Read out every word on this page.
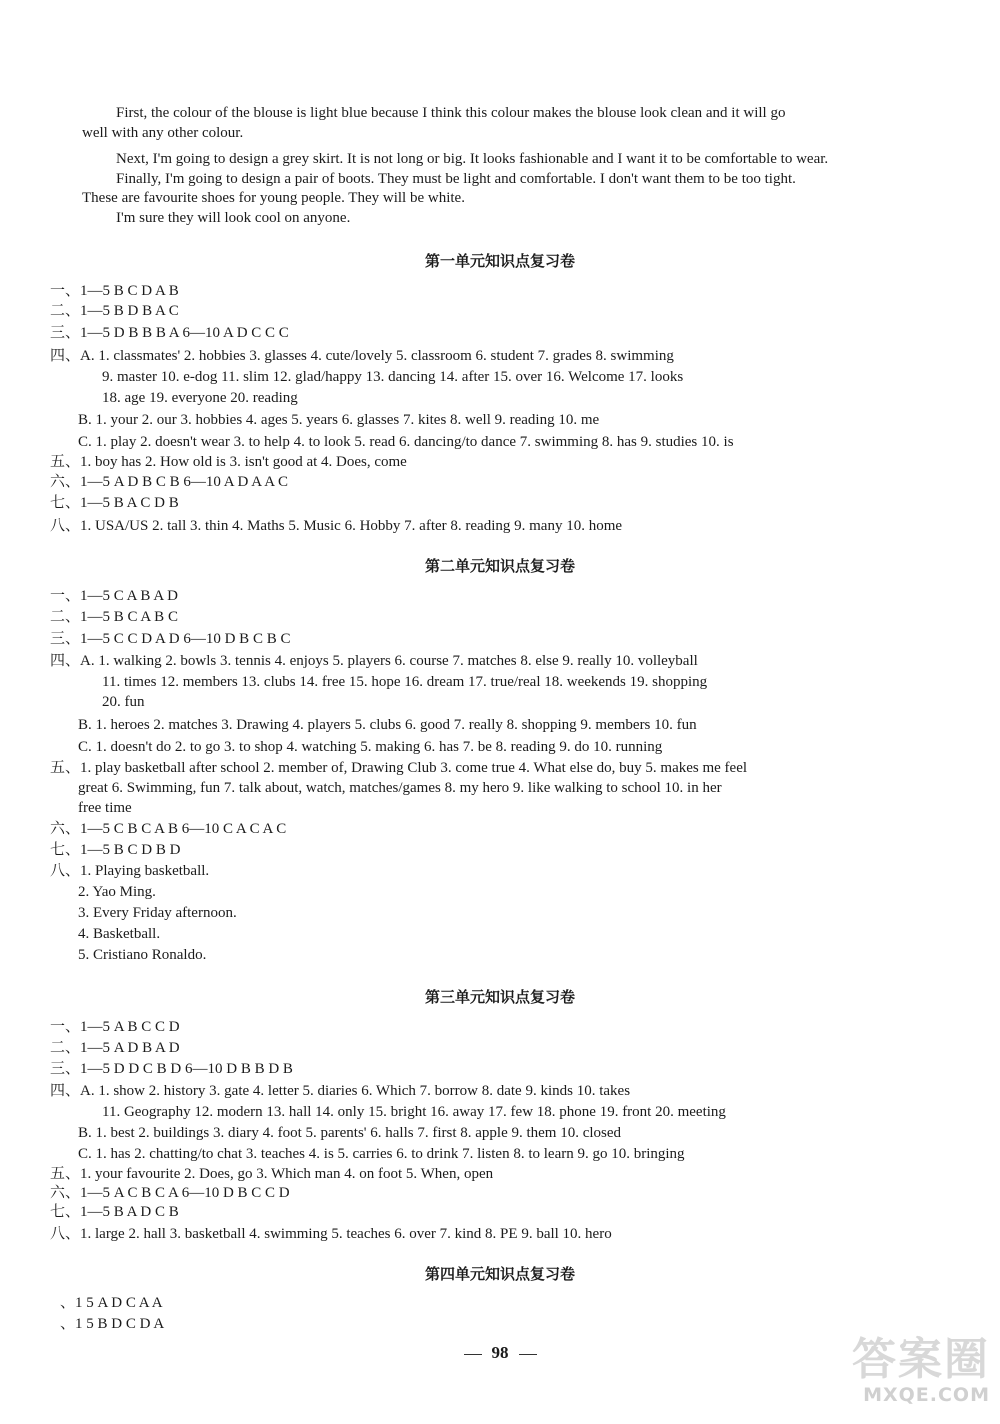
First, the colour of the blouse is light blue because I think this colour makes the blouse look clean and it will go
well with any other colour.
Next, I'm going to design a grey skirt. It is not long or big. It looks fashionable and I want it to be comfortable to wear.
Finally, I'm going to design a pair of boots. They must be light and comfortable. I don't want them to be too tight.
These are favourite shoes for young people. They will be white.
I'm sure they will look cool on anyone.
第一单元知识点复习卷
一、1—5 B C D A B
二、1—5 B D B A C
三、1—5 D B B B A 6—10 A D C C C
四、A. 1. classmates' 2. hobbies 3. glasses 4. cute/lovely 5. classroom 6. student 7. grades 8. swimming
9. master 10. e-dog 11. slim 12. glad/happy 13. dancing 14. after 15. over 16. Welcome 17. looks
18. age 19. everyone 20. reading
B. 1. your 2. our 3. hobbies 4. ages 5. years 6. glasses 7. kites 8. well 9. reading 10. me
C. 1. play 2. doesn't wear 3. to help 4. to look 5. read 6. dancing/to dance 7. swimming 8. has 9. studies 10. is
五、1. boy has 2. How old is 3. isn't good at 4. Does, come
六、1—5 A D B C B 6—10 A D A A C
七、1—5 B A C D B
八、1. USA/US 2. tall 3. thin 4. Maths 5. Music 6. Hobby 7. after 8. reading 9. many 10. home
第二单元知识点复习卷
一、1—5 C A B A D
二、1—5 B C A B C
三、1—5 C C D A D 6—10 D B C B C
四、A. 1. walking 2. bowls 3. tennis 4. enjoys 5. players 6. course 7. matches 8. else 9. really 10. volleyball
11. times 12. members 13. clubs 14. free 15. hope 16. dream 17. true/real 18. weekends 19. shopping
20. fun
B. 1. heroes 2. matches 3. Drawing 4. players 5. clubs 6. good 7. really 8. shopping 9. members 10. fun
C. 1. doesn't do 2. to go 3. to shop 4. watching 5. making 6. has 7. be 8. reading 9. do 10. running
五、1. play basketball after school 2. member of, Drawing Club 3. come true 4. What else do, buy 5. makes me feel
great 6. Swimming, fun 7. talk about, watch, matches/games 8. my hero 9. like walking to school 10. in her
free time
六、1—5 C B C A B 6—10 C A C A C
七、1—5 B C D B D
八、1. Playing basketball.
2. Yao Ming.
3. Every Friday afternoon.
4. Basketball.
5. Cristiano Ronaldo.
第三单元知识点复习卷
一、1—5 A B C C D
二、1—5 A D B A D
三、1—5 D D C B D 6—10 D B B D B
四、A. 1. show 2. history 3. gate 4. letter 5. diaries 6. Which 7. borrow 8. date 9. kinds 10. takes
11. Geography 12. modern 13. hall 14. only 15. bright 16. away 17. few 18. phone 19. front 20. meeting
B. 1. best 2. buildings 3. diary 4. foot 5. parents' 6. halls 7. first 8. apple 9. them 10. closed
C. 1. has 2. chatting/to chat 3. teaches 4. is 5. carries 6. to drink 7. listen 8. to learn 9. go 10. bringing
五、1. your favourite 2. Does, go 3. Which man 4. on foot 5. When, open
六、1—5 A C B C A 6—10 D B C C D
七、1—5 B A D C B
八、1. large 2. hall 3. basketball 4. swimming 5. teaches 6. over 7. kind 8. PE 9. ball 10. hero
第四单元知识点复习卷
、1 5 A D C A A
、1 5 B D C D A
98	答案圈
MXQE.COM
